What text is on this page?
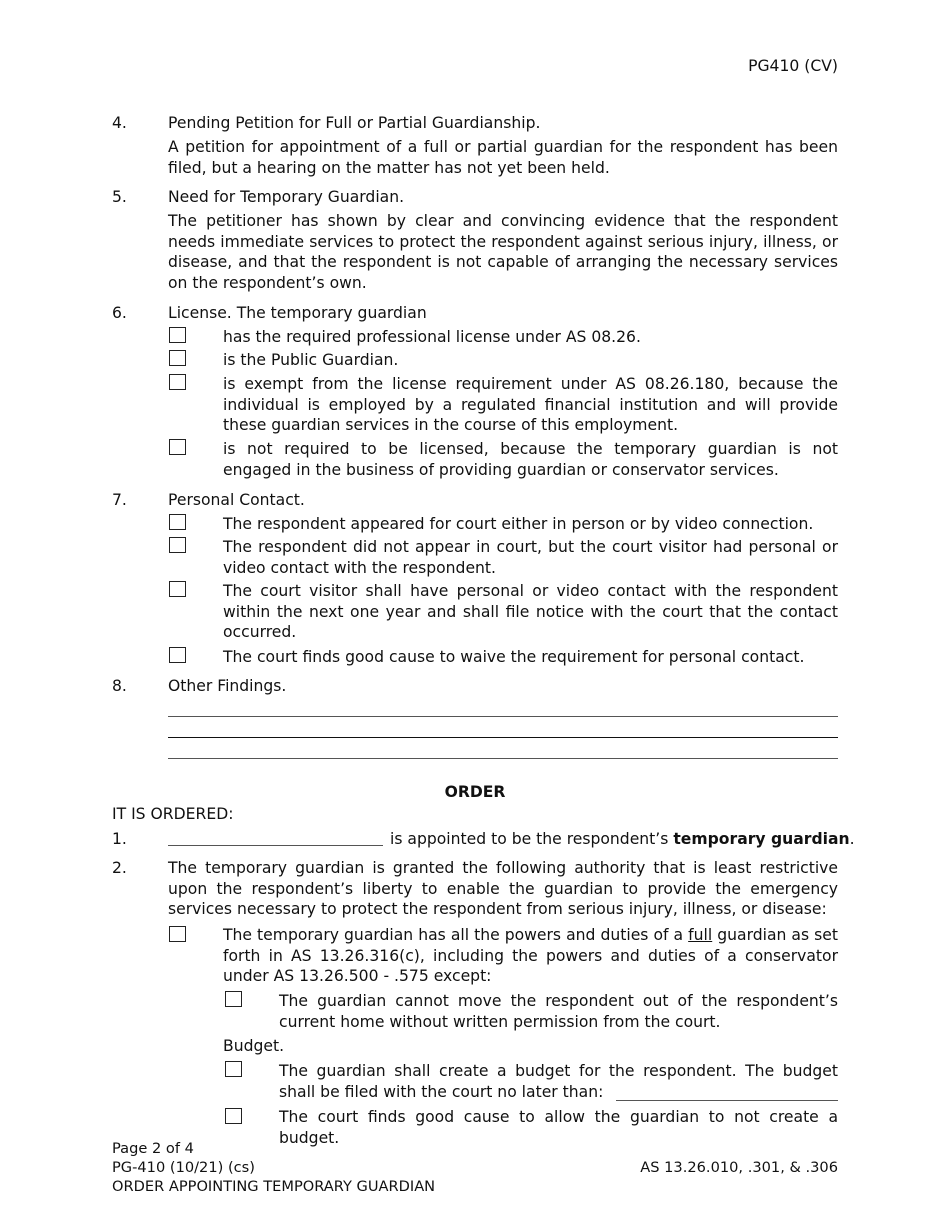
PG410 (CV)
4.	Pending Petition for Full or Partial Guardianship.
A petition for appointment of a full or partial guardian for the respondent has been filed, but a hearing on the matter has not yet been held.
5.	Need for Temporary Guardian.
The petitioner has shown by clear and convincing evidence that the respondent needs immediate services to protect the respondent against serious injury, illness, or disease, and that the respondent is not capable of arranging the necessary services on the respondent’s own.
6.	License. The temporary guardian
has the required professional license under AS 08.26.
is the Public Guardian.
is exempt from the license requirement under AS 08.26.180, because the individual is employed by a regulated financial institution and will provide these guardian services in the course of this employment.
is not required to be licensed, because the temporary guardian is not engaged in the business of providing guardian or conservator services.
7.	Personal Contact.
The respondent appeared for court either in person or by video connection.
The respondent did not appear in court, but the court visitor had personal or video contact with the respondent.
The court visitor shall have personal or video contact with the respondent within the next one year and shall file notice with the court that the contact occurred.
The court finds good cause to waive the requirement for personal contact.
8.	Other Findings.
ORDER
IT IS ORDERED:
1.	is appointed to be the respondent’s temporary guardian.
2.	The temporary guardian is granted the following authority that is least restrictive upon the respondent’s liberty to enable the guardian to provide the emergency services necessary to protect the respondent from serious injury, illness, or disease:
The temporary guardian has all the powers and duties of a full guardian as set forth in AS 13.26.316(c), including the powers and duties of a conservator under AS 13.26.500 - .575 except:
The guardian cannot move the respondent out of the respondent’s current home without written permission from the court.
Budget.
The guardian shall create a budget for the respondent. The budget shall be filed with the court no later than:
The court finds good cause to allow the guardian to not create a budget.
Page 2 of 4
PG-410 (10/21) (cs)
ORDER APPOINTING TEMPORARY GUARDIAN
AS 13.26.010, .301, & .306
